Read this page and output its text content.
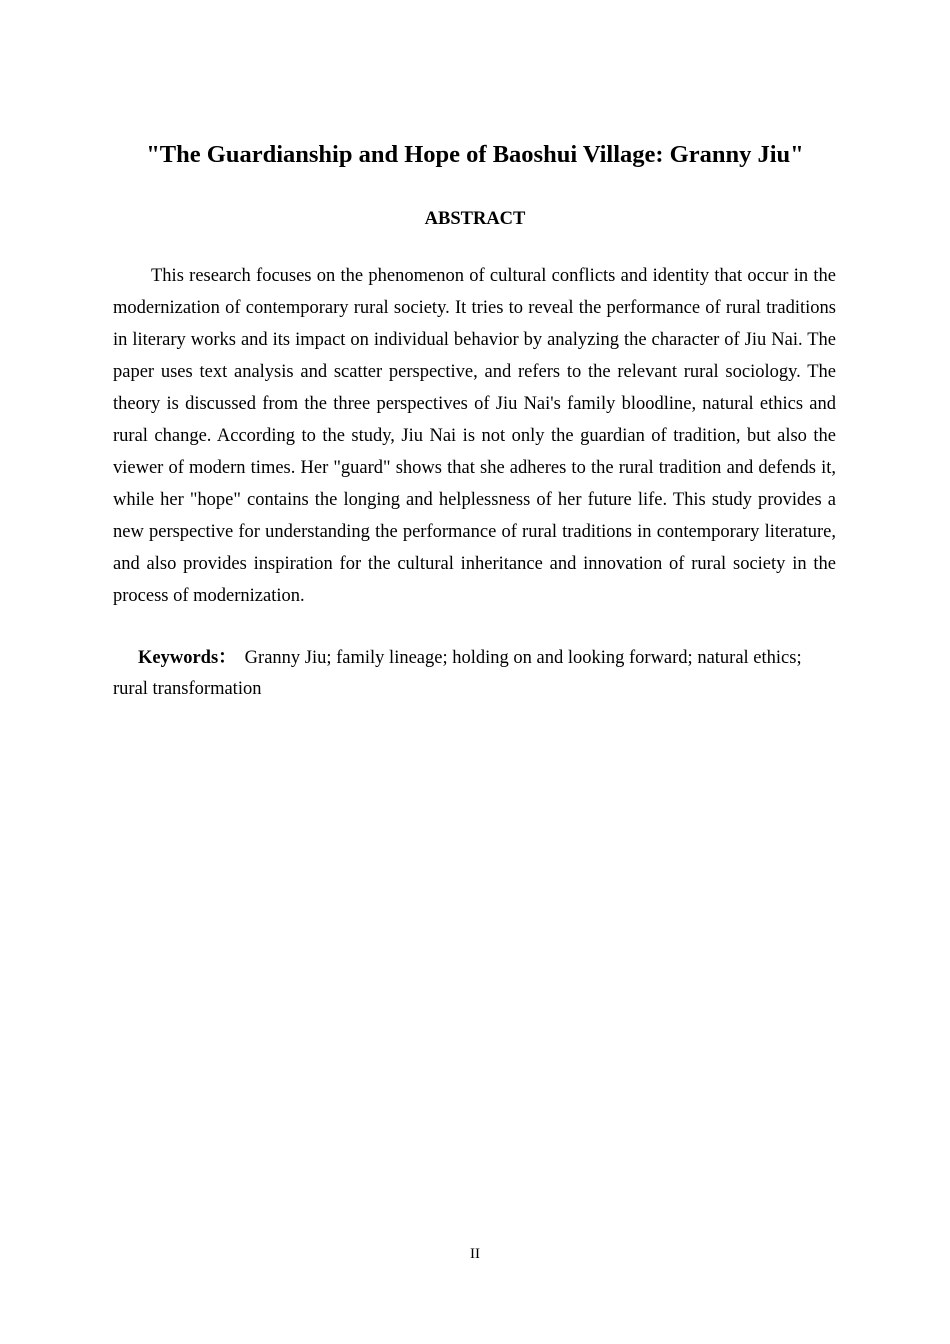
"The Guardianship and Hope of Baoshui Village: Granny Jiu"
ABSTRACT

This research focuses on the phenomenon of cultural conflicts and identity that occur in the modernization of contemporary rural society. It tries to reveal the performance of rural traditions in literary works and its impact on individual behavior by analyzing the character of Jiu Nai. The paper uses text analysis and scatter perspective, and refers to the relevant rural sociology. The theory is discussed from the three perspectives of Jiu Nai's family bloodline, natural ethics and rural change. According to the study, Jiu Nai is not only the guardian of tradition, but also the viewer of modern times. Her "guard" shows that she adheres to the rural tradition and defends it, while her "hope" contains the longing and helplessness of her future life. This study provides a new perspective for understanding the performance of rural traditions in contemporary literature, and also provides inspiration for the cultural inheritance and innovation of rural society in the process of modernization.

Keywords： Granny Jiu; family lineage; holding on and looking forward; natural ethics; rural transformation

II
